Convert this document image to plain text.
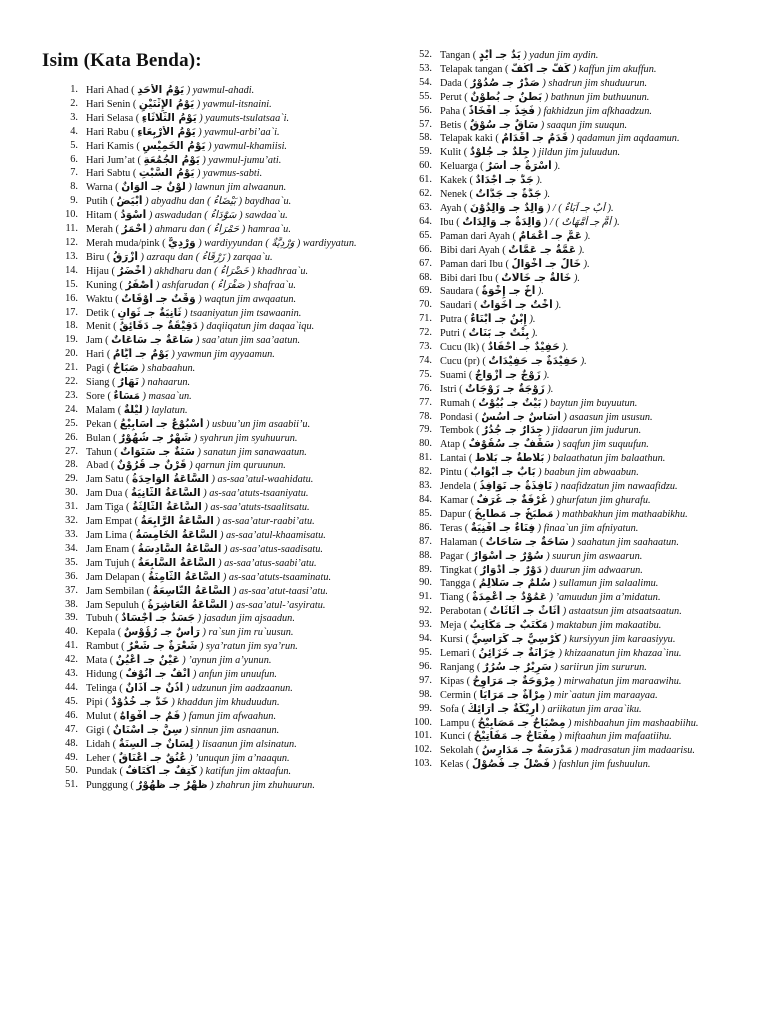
Isim (Kata Benda):
1. Hari Ahad ( يَوْمُ الْأَحَدِ ) yawmul-ahadi.
2. Hari Senin ( يَوْمُ الْإِثْنَيْنِ ) yawmul-itsnaini.
3. Hari Selasa ( يَوْمُ الثَّلَاثَاءِ ) yaumuts-tsulatsaa`i.
4. Hari Rabu ( يَوْمُ الْأَرْبِعَاءِ ) yawmul-arbi’aa`i.
5. Hari Kamis ( يَوْمُ الْخَمِيْسِ ) yawmul-khamiisi.
6. Hari Jum’at ( يَوْمُ الْجُمُعَةِ ) yawmul-jumu’ati.
7. Hari Sabtu ( يَوْمُ السَّبْتِ ) yawmus-sabti.
8. Warna ( لَوْنٌ جـ أَلْوَانٌ ) lawnun jim alwaanun.
9. Putih ( أَبْيَضُ ) abyadhu dan ( بَيْضَاءُ ) baydhaa`u.
10. Hitam ( أَسْوَدُ ) aswadudan ( سَوْدَاءُ ) sawdaa`u.
11. Merah ( أَحْمَرُ ) ahmaru dan ( حَمْرَاءُ ) hamraa`u.
12. Merah muda/pink ( وَرْدِيٌّ ) wardiyyundan ( وَرْدِيَّةٌ ) wardiyyatun.
13. Biru ( أَزْرَقُ ) azraqu dan ( زَرْقَاءُ ) zarqaa`u.
14. Hijau ( أَخْضَرُ ) akhdharu dan ( خَضْرَاءُ ) khadhraa`u.
15. Kuning ( أَصْفَرُ ) ashfarudan ( صَفْرَاءُ ) shafraa`u.
16. Waktu ( وَقْتٌ جـ أَوْقَاتٌ ) waqtun jim awqaatun.
17. Detik ( ثَانِيَةٌ جـ ثَوَانٍ ) tsaaniyatun jim tsawaanin.
18. Menit ( دَقِيْقَةٌ جـ دَقَائِقُ ) daqiiqatun jim daqaa`iqu.
19. Jam ( سَاعَةٌ جـ سَاعَاتٌ ) saa’atun jim saa’aatun.
20. Hari ( يَوْمٌ جـ أَيَّامٌ ) yawmun jim ayyaamun.
21. Pagi ( صَبَاحٌ ) shabaahun.
22. Siang ( نَهَارٌ ) nahaarun.
23. Sore ( مَسَاءٌ ) masaa`un.
24. Malam ( لَيْلَةٌ ) laylatun.
25. Pekan ( أُسْبُوْعٌ جـ أَسَابِيْعُ ) usbuu’un jim asaabii’u.
26. Bulan ( شَهْرٌ جـ شُهُوْرٌ ) syahrun jim syuhuurun.
27. Tahun ( سَنَةٌ جـ سَنَوَاتٌ ) sanatun jim sanawaatun.
28. Abad ( قَرْنٌ جـ قُرُوْنٌ ) qarnun jim quruunun.
29. Jam Satu ( السَّاعَةُ الْوَاحِدَةُ ) as-saa’atul-waahidatu.
30. Jam Dua ( السَّاعَةُ الثَّانِيَةُ ) as-saa’atuts-tsaaniyatu.
31. Jam Tiga ( السَّاعَةُ الثَّالِثَةُ ) as-saa’atuts-tsaalitsatu.
32. Jam Empat ( السَّاعَةُ الرَّابِعَةُ ) as-saa’atur-raabi’atu.
33. Jam Lima ( السَّاعَةُ الْخَامِسَةُ ) as-saa’atul-khaamisatu.
34. Jam Enam ( السَّاعَةُ السَّادِسَةُ ) as-saa’atus-saadisatu.
35. Jam Tujuh ( السَّاعَةُ السَّابِعَةُ ) as-saa’atus-saabi’atu.
36. Jam Delapan ( السَّاعَةُ الثَّامِنَةُ ) as-saa’atuts-tsaaminatu.
37. Jam Sembilan ( السَّاعَةُ التَّاسِعَةُ ) as-saa’atut-taasi’atu.
38. Jam Sepuluh ( السَّاعَةُ الْعَاشِرَةُ ) as-saa’atul-’asyiratu.
39. Tubuh ( جَسَدٌ جـ أَجْسَادٌ ) jasadun jim ajsaadun.
40. Kepala ( رَأْسٌ جـ رُؤُوْسٌ ) ra`sun jim ru`uusun.
41. Rambut ( شَعْرَةٌ جـ شَعْرٌ ) sya’ratun jim sya’run.
42. Mata ( عَيْنٌ جـ أَعْيُنٌ ) ’aynun jim a’yunun.
43. Hidung ( أَنْفٌ جـ أُنُوْفٌ ) anfun jim unuufun.
44. Telinga ( أُذُنٌ جـ آذَانٌ ) udzunun jim aadzaanun.
45. Pipi ( خَدٌّ جـ خُدُوْدٌ ) khaddun jim khuduudun.
46. Mulut ( فَمٌ جـ أَفْوَاهٌ ) famun jim afwaahun.
47. Gigi ( سِنٌّ جـ أَسْنَانٌ ) sinnun jim asnaanun.
48. Lidah ( لِسَانٌ جـ أَلْسِنَةٌ ) lisaanun jim alsinatun.
49. Leher ( عُنُقٌ جـ أَعْنَاقٌ ) ’unuqun jim a’naaqun.
50. Pundak ( كَتِفٌ جـ أَكْتَافٌ ) katifun jim aktaafun.
51. Punggung ( ظَهْرٌ جـ ظُهُوْرٌ ) zhahrun jim zhuhuurun.
52. Tangan ( يَدٌ جـ أَيْدٍ ) yadun jim aydin.
53. Telapak tangan ( كَفٌّ جـ أَكُفٌّ ) kaffun jim akuffun.
54. Dada ( صَدْرٌ جـ صُدُوْرٌ ) shadrun jim shuduurun.
55. Perut ( بَطْنٌ جـ بُطُوْنٌ ) bathnun jim buthuunun.
56. Paha ( فَخِذٌ جـ أَفْخَاذٌ ) fakhidzun jim afkhaadzun.
57. Betis ( سَاقٌ جـ سُوْقٌ ) saaqun jim suuqun.
58. Telapak kaki ( قَدَمٌ جـ أَقْدَامٌ ) qadamun jim aqdaamun.
59. Kulit ( جِلْدٌ جـ جُلُوْدٌ ) jildun jim juluudun.
60. Keluarga ( أُسْرَةٌ جـ أُسَرٌ ).
61. Kakek ( جَدٌّ جـ أَجْدَادٌ ).
62. Nenek ( جَدَّةٌ جـ جَدَّاتٌ ).
63. Ayah ( وَالِدٌ جـ وَالِدُوْنَ ) / ( أَبٌ جـ آبَاءٌ ).
64. Ibu ( وَالِدَةٌ جـ وَالِدَاتٌ ) / ( أُمٌّ جـ أُمَّهَاتٌ ).
65. Paman dari Ayah ( عَمٌّ جـ أَعْمَامٌ ).
66. Bibi dari Ayah ( عَمَّةٌ جـ عَمَّاتٌ ).
67. Paman dari Ibu ( خَالٌ جـ أَخْوَالٌ ).
68. Bibi dari Ibu ( خَالَةٌ جـ خَالَاتٌ ).
69. Saudara ( أَخٌ جـ إِخْوَةٌ ).
70. Saudari ( أُخْتٌ جـ أَخَوَاتٌ ).
71. Putra ( إِبْنٌ جـ أَبْنَاءٌ ).
72. Putri ( بِنْتٌ جـ بَنَاتٌ ).
73. Cucu (lk) ( حَفِيْدٌ جـ أَحْفَادٌ ).
74. Cucu (pr) ( حَفِيْدَةٌ جـ حَفِيْدَاتٌ ).
75. Suami ( زَوْجٌ جـ أَزْوَاجٌ ).
76. Istri ( زَوْجَةٌ جـ زَوْجَاتٌ ).
77. Rumah ( بَيْتٌ جـ بُيُوْتٌ ) baytun jim buyuutun.
78. Pondasi ( أَسَاسٌ جـ أُسُسٌ ) asaasun jim ususun.
79. Tembok ( جِدَارٌ جـ جُدُرٌ ) jidaarun jim judurun.
80. Atap ( سَقْفٌ جـ سُقُوْفٌ ) saqfun jim suquufun.
81. Lantai ( بَلَاطَةٌ جـ بَلَاطٌ ) balaathatun jim balaathun.
82. Pintu ( بَابٌ جـ أَبْوَابٌ ) baabun jim abwaabun.
83. Jendela ( نَافِذَةٌ جـ نَوَافِذُ ) naafidzatun jim nawaafidzu.
84. Kamar ( غُرْفَةٌ جـ غُرَفٌ ) ghurfatun jim ghurafu.
85. Dapur ( مَطْبَخٌ جـ مَطَابِخُ ) mathbakhun jim mathaabikhu.
86. Teras ( فِنَاءٌ جـ أَفْنِيَةٌ ) finaa`un jim afniyatun.
87. Halaman ( سَاحَةٌ جـ سَاحَاتٌ ) saahatun jim saahaatun.
88. Pagar ( سُوْرٌ جـ أَسْوَارٌ ) suurun jim aswaarun.
89. Tingkat ( دَوْرٌ جـ أَدْوَارٌ ) duurun jim adwaarun.
90. Tangga ( سُلَّمٌ جـ سَلَالِمُ ) sullamun jim salaalimu.
91. Tiang ( عَمُوْدٌ جـ أَعْمِدَةٌ ) ’amuudun jim a’midatun.
92. Perabotan ( أَثَاثٌ جـ أَثَاثَاتٌ ) astaatsun jim atsaatsaatun.
93. Meja ( مَكْتَبٌ جـ مَكَاتِبُ ) maktabun jim makaatibu.
94. Kursi ( كُرْسِيٌّ جـ كَرَاسِيُّ ) kursiyyun jim karaasiyyu.
95. Lemari ( خِزَانَةٌ جـ خَزَائِنُ ) khizaanatun jim khazaa`inu.
96. Ranjang ( سَرِيْرٌ جـ سُرُرٌ ) sariirun jim sururun.
97. Kipas ( مِرْوَحَةٌ جـ مَرَاوِحُ ) mirwahatun jim maraawihu.
98. Cermin ( مِرْآةٌ جـ مَرَايَا ) mir`aatun jim maraayaa.
99. Sofa ( أَرِيْكَةٌ جـ أَرَائِكُ ) ariikatun jim araa`iku.
100. Lampu ( مِصْبَاحٌ جـ مَصَابِيْحُ ) mishbaahun jim mashaabiihu.
101. Kunci ( مِفْتَاحٌ جـ مَفَاتِيْحُ ) miftaahun jim mafaatiihu.
102. Sekolah ( مَدْرَسَةٌ جـ مَدَارِسُ ) madrasatun jim madaarisu.
103. Kelas ( فَصْلٌ جـ فُصُوْلٌ ) fashlun jim fushuulun.
